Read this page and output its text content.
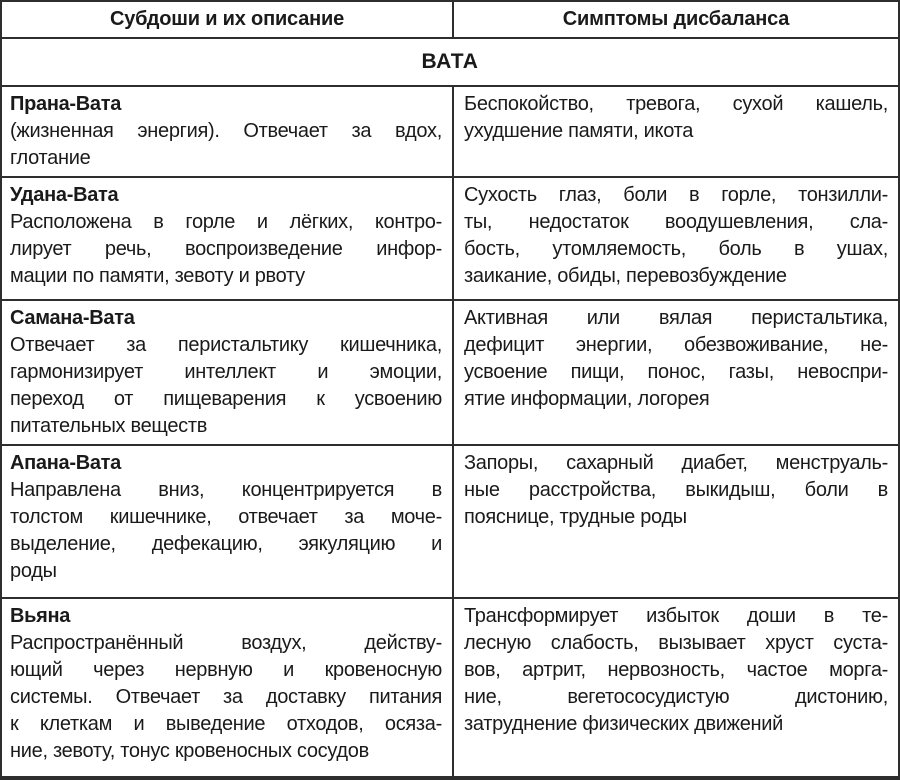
Субдоши и их описание	Симптомы дисбаланса
ВАТА
Прана-Вата
(жизненная энергия). Отвечает за вдох,
глотание
Беспокойство, тревога, сухой кашель,
ухудшение памяти, икота
Удана-Вата
Расположена в горле и лёгких, контро-
лирует речь, воспроизведение инфор-
мации по памяти, зевоту и рвоту
Сухость глаз, боли в горле, тонзилли-
ты, недостаток воодушевления, сла-
бость, утомляемость, боль в ушах,
заикание, обиды, перевозбуждение
Самана-Вата
Отвечает за перистальтику кишечника,
гармонизирует интеллект и эмоции,
переход от пищеварения к усвоению
питательных веществ
Активная или вялая перистальтика,
дефицит энергии, обезвоживание, не-
усвоение пищи, понос, газы, невоспри-
ятие информации, логорея
Апана-Вата
Направлена вниз, концентрируется в
толстом кишечнике, отвечает за моче-
выделение, дефекацию, эякуляцию и
роды
Запоры, сахарный диабет, менструаль-
ные расстройства, выкидыш, боли в
пояснице, трудные роды
Вьяна
Распространённый воздух, действу-
ющий через нервную и кровеносную
системы. Отвечает за доставку питания
к клеткам и выведение отходов, осяза-
ние, зевоту, тонус кровеносных сосудов
Трансформирует избыток доши в те-
лесную слабость, вызывает хруст суста-
вов, артрит, нервозность, частое морга-
ние, вегетососудистую дистонию,
затруднение физических движений
